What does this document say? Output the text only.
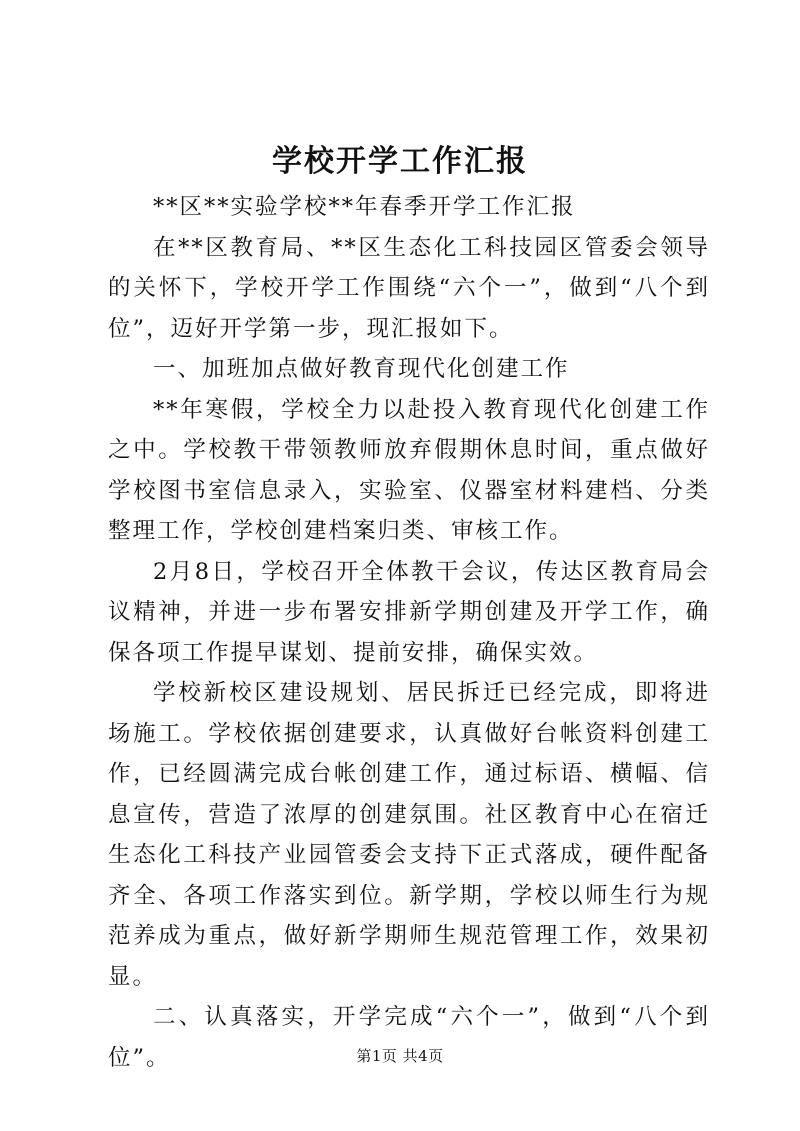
学校开学工作汇报

**区**实验学校**年春季开学工作汇报

在**区教育局、**区生态化工科技园区管委会领导的关怀下，学校开学工作围绕“六个一”，做到“八个到位”，迈好开学第一步，现汇报如下。

一、加班加点做好教育现代化创建工作

**年寒假，学校全力以赴投入教育现代化创建工作之中。学校教干带领教师放弃假期休息时间，重点做好学校图书室信息录入，实验室、仪器室材料建档、分类整理工作，学校创建档案归类、审核工作。

2月8日，学校召开全体教干会议，传达区教育局会议精神，并进一步布署安排新学期创建及开学工作，确保各项工作提早谋划、提前安排，确保实效。

学校新校区建设规划、居民拆迁已经完成，即将进场施工。学校依据创建要求，认真做好台帐资料创建工作，已经圆满完成台帐创建工作，通过标语、横幅、信息宣传，营造了浓厚的创建氛围。社区教育中心在宿迁生态化工科技产业园管委会支持下正式落成，硬件配备齐全、各项工作落实到位。新学期，学校以师生行为规范养成为重点，做好新学期师生规范管理工作，效果初显。

二、认真落实，开学完成“六个一”，做到“八个到位”。	第1页 共4页
